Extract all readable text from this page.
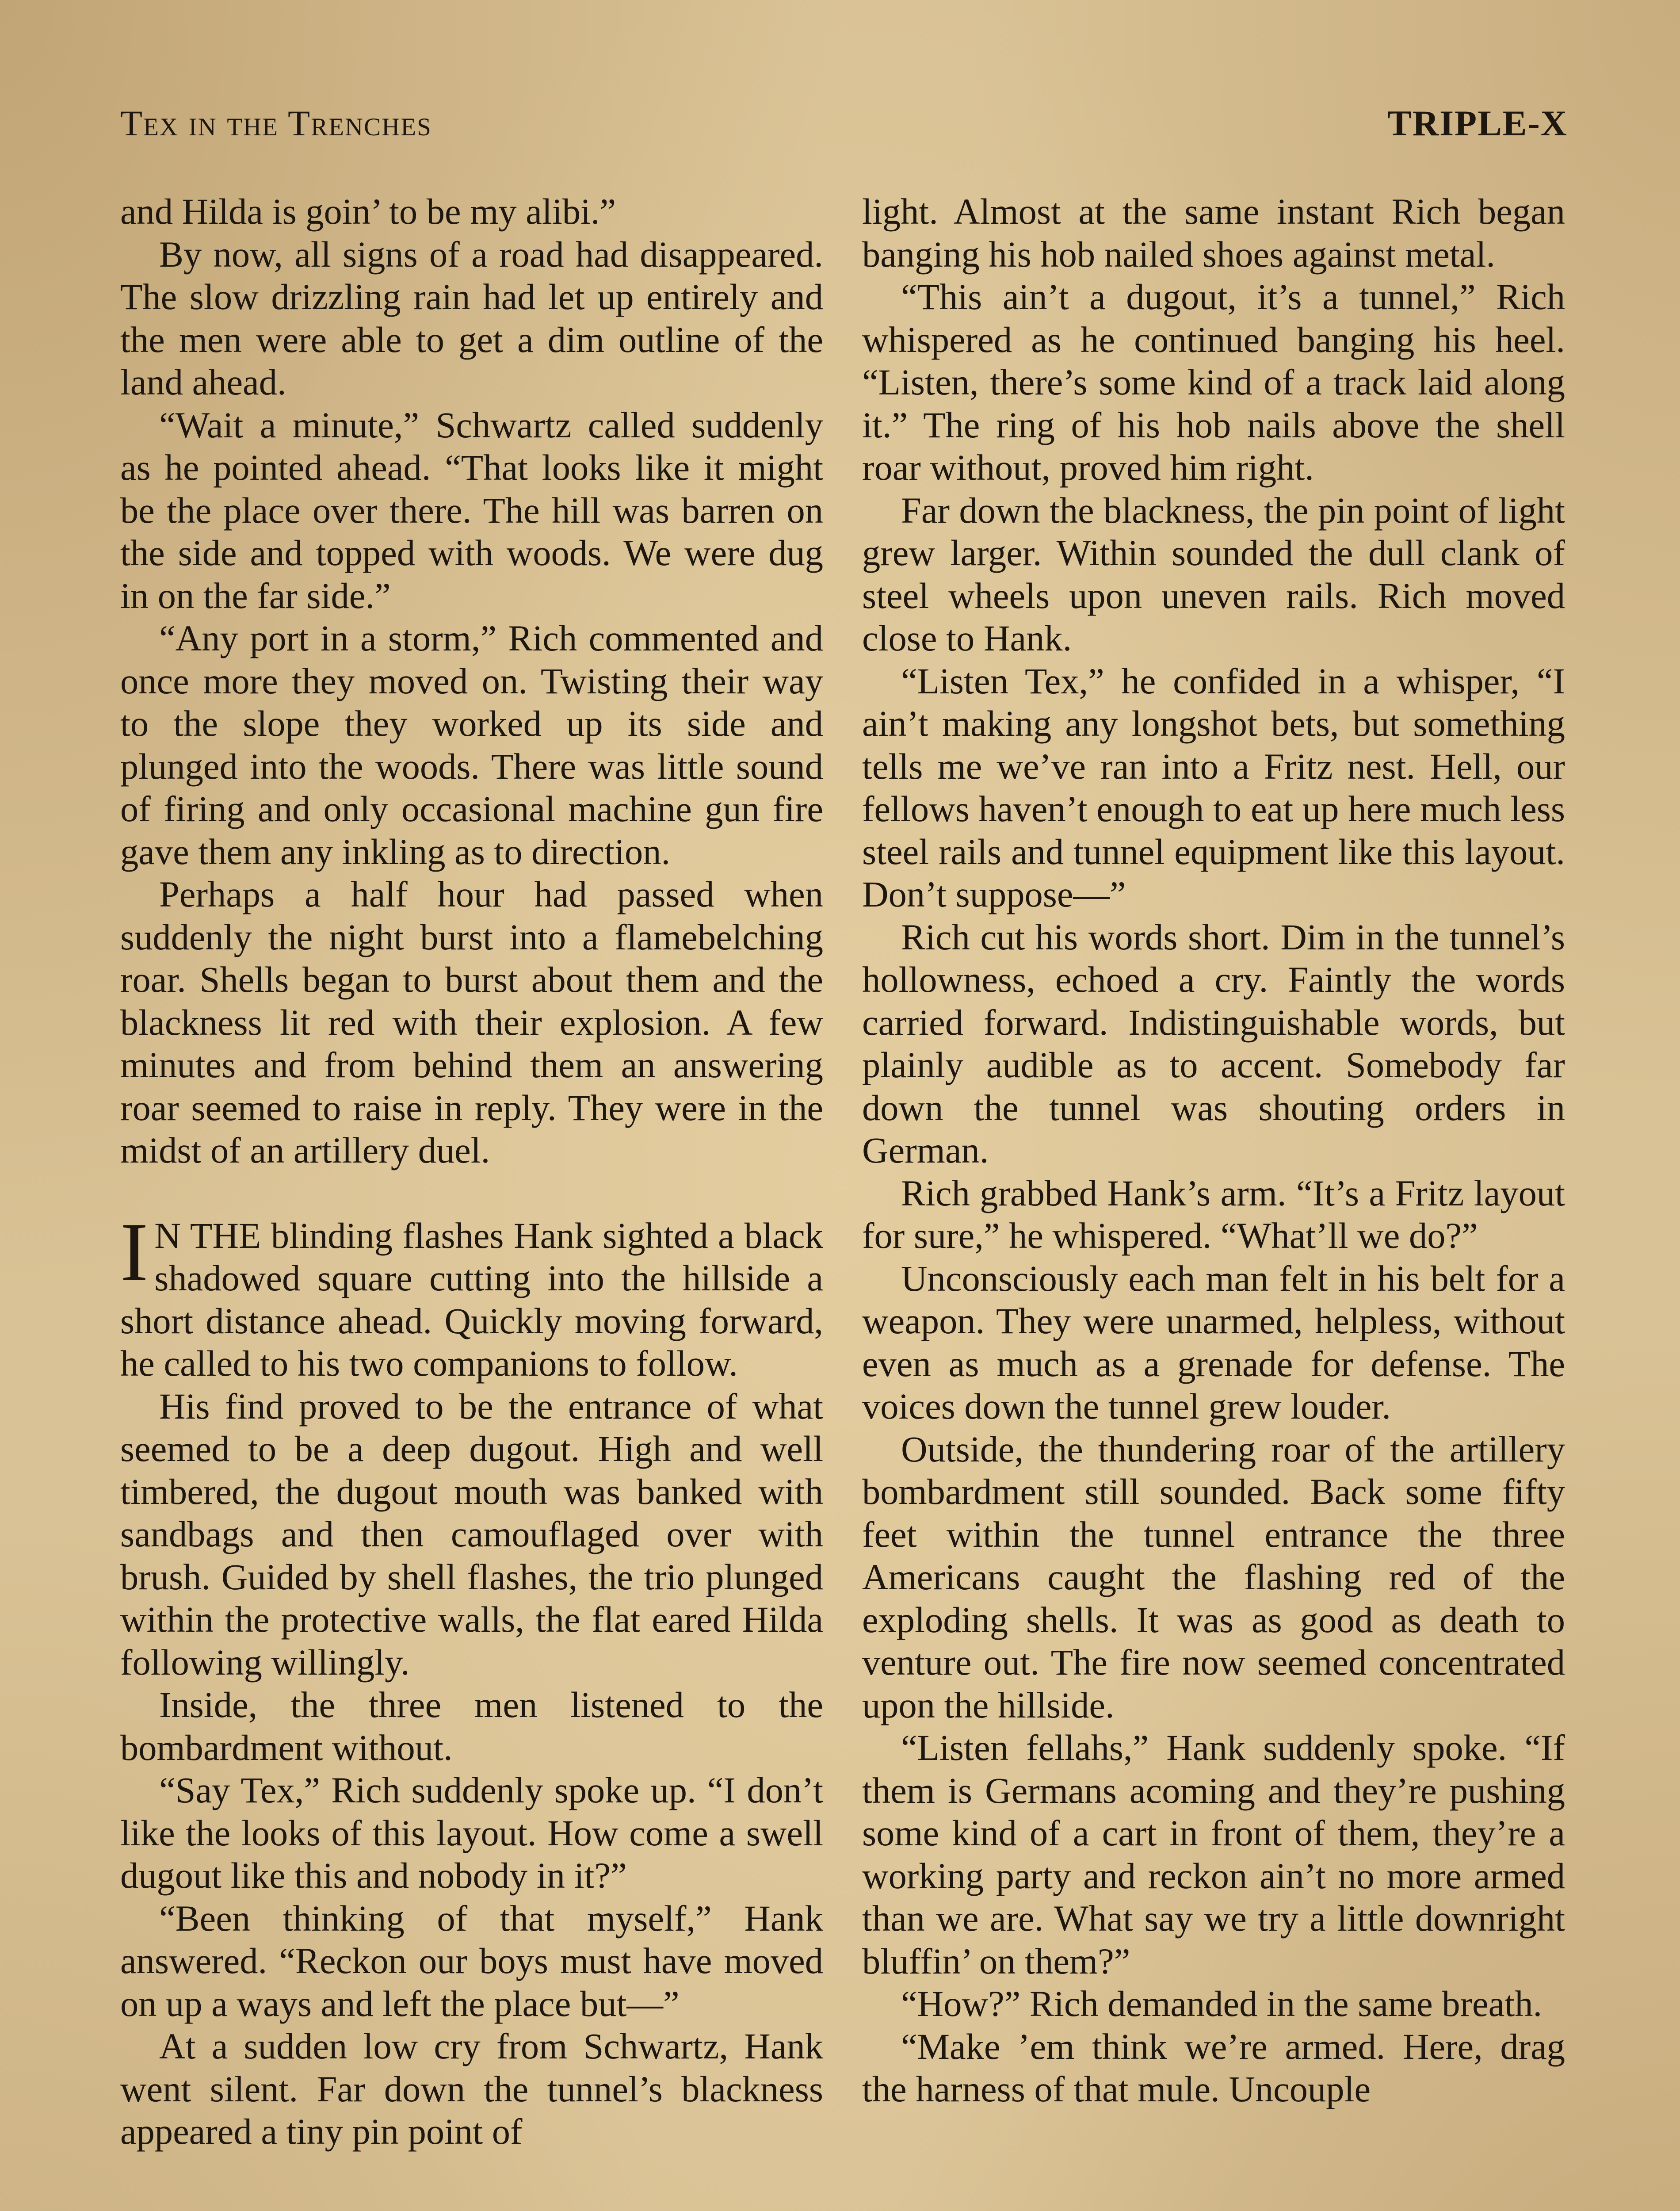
Tex in the Trenches	TRIPLE-X

and Hilda is goin’ to be my alibi.”

By now, all signs of a road had disappeared. The slow drizzling rain had let up entirely and the men were able to get a dim outline of the land ahead.

“Wait a minute,” Schwartz called suddenly as he pointed ahead. “That looks like it might be the place over there. The hill was barren on the side and topped with woods. We were dug in on the far side.”

“Any port in a storm,” Rich commented and once more they moved on. Twisting their way to the slope they worked up its side and plunged into the woods. There was little sound of firing and only occasional machine gun fire gave them any inkling as to direction.

Perhaps a half hour had passed when suddenly the night burst into a flamebelching roar. Shells began to burst about them and the blackness lit red with their explosion. A few minutes and from behind them an answering roar seemed to raise in reply. They were in the midst of an artillery duel.

I N THE blinding flashes Hank sighted a black shadowed square cutting into the hillside a short distance ahead. Quickly moving forward, he called to his two companions to follow.

His find proved to be the entrance of what seemed to be a deep dugout. High and well timbered, the dugout mouth was banked with sandbags and then camouflaged over with brush. Guided by shell flashes, the trio plunged within the protective walls, the flat eared Hilda following willingly.

Inside, the three men listened to the bombardment without.

“Say Tex,” Rich suddenly spoke up. “I don’t like the looks of this layout. How come a swell dugout like this and nobody in it?”

“Been thinking of that myself,” Hank answered. “Reckon our boys must have moved on up a ways and left the place but—”

At a sudden low cry from Schwartz, Hank went silent. Far down the tunnel’s blackness appeared a tiny pin point of

light. Almost at the same instant Rich began banging his hob nailed shoes against metal.

“This ain’t a dugout, it’s a tunnel,” Rich whispered as he continued banging his heel. “Listen, there’s some kind of a track laid along it.” The ring of his hob nails above the shell roar without, proved him right.

Far down the blackness, the pin point of light grew larger. Within sounded the dull clank of steel wheels upon uneven rails. Rich moved close to Hank.

“Listen Tex,” he confided in a whisper, “I ain’t making any longshot bets, but something tells me we’ve ran into a Fritz nest. Hell, our fellows haven’t enough to eat up here much less steel rails and tunnel equipment like this layout. Don’t suppose—”

Rich cut his words short. Dim in the tunnel’s hollowness, echoed a cry. Faintly the words carried forward. Indistinguishable words, but plainly audible as to accent. Somebody far down the tunnel was shouting orders in German.

Rich grabbed Hank’s arm. “It’s a Fritz layout for sure,” he whispered. “What’ll we do?”

Unconsciously each man felt in his belt for a weapon. They were unarmed, helpless, without even as much as a grenade for defense. The voices down the tunnel grew louder.

Outside, the thundering roar of the artillery bombardment still sounded. Back some fifty feet within the tunnel entrance the three Americans caught the flashing red of the exploding shells. It was as good as death to venture out. The fire now seemed concentrated upon the hillside.

“Listen fellahs,” Hank suddenly spoke. “If them is Germans acoming and they’re pushing some kind of a cart in front of them, they’re a working party and reckon ain’t no more armed than we are. What say we try a little downright bluffin’ on them?”

“How?” Rich demanded in the same breath.

“Make ’em think we’re armed. Here, drag the harness of that mule. Uncouple
